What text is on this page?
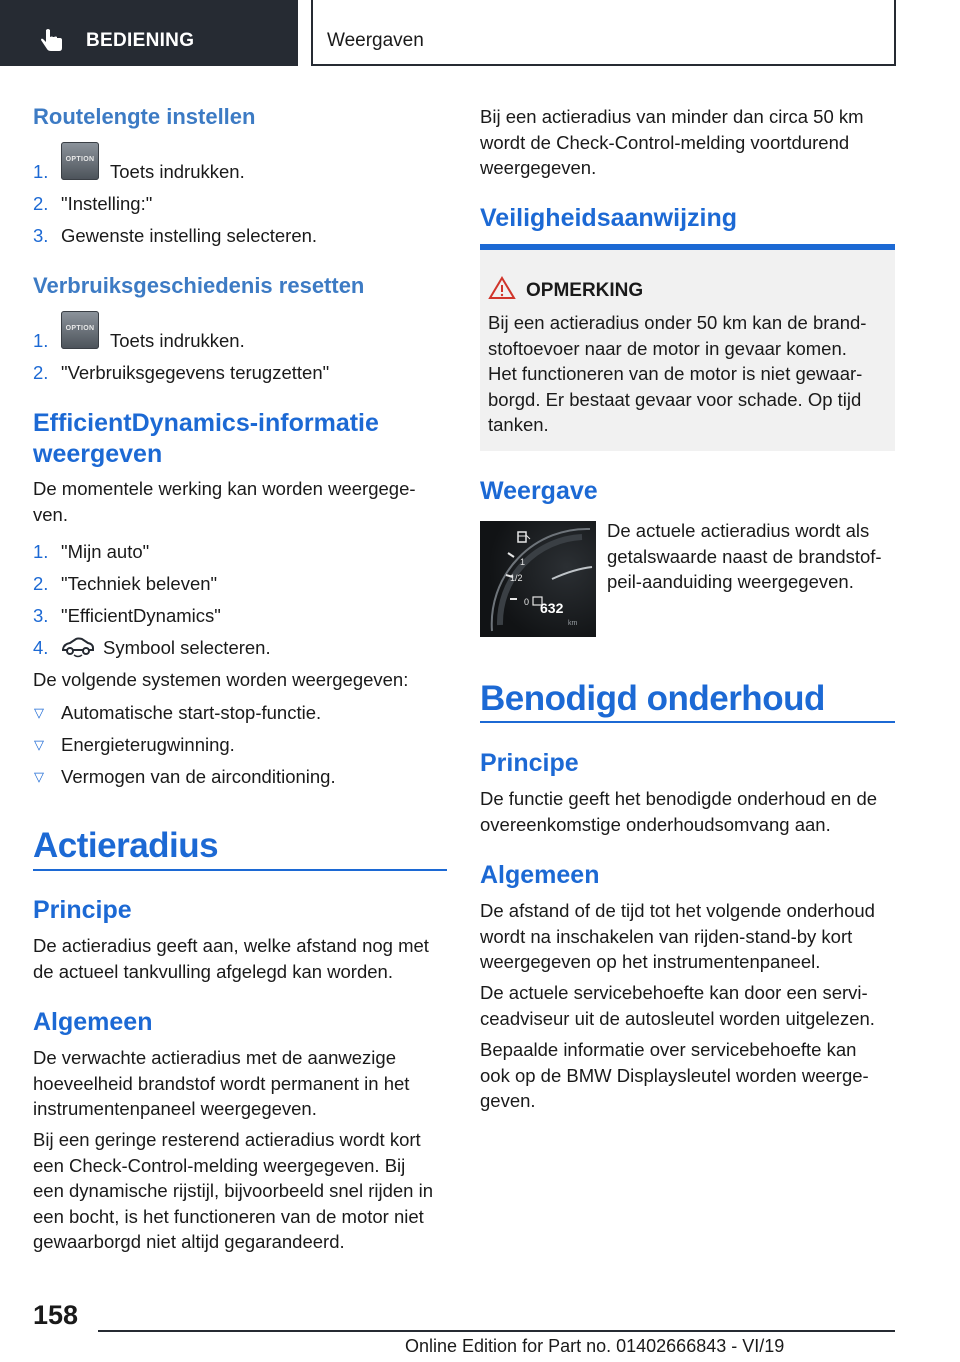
BEDIENING	Weergaven
Routelengte instellen
1.
OPTION
Toets indrukken.
2. "Instelling:"
3. Gewenste instelling selecteren.
Verbruiksgeschiedenis resetten
1.
OPTION
Toets indrukken.
2. "Verbruiksgegevens terugzetten"
EfficientDynamics-informatie
weergeven
De momentele werking kan worden weergege-
ven.
1. "Mijn auto"
2. "Techniek beleven"
3. "EfficientDynamics"
4.	Symbool selecteren.
De volgende systemen worden weergegeven:
▽ Automatische start-stop-functie.
▽ Energieterugwinning.
▽ Vermogen van de airconditioning.
Actieradius
Principe
De actieradius geeft aan, welke afstand nog met
de actueel tankvulling afgelegd kan worden.
Algemeen
De verwachte actieradius met de aanwezige
hoeveelheid brandstof wordt permanent in het
instrumentenpaneel weergegeven.
Bij een geringe resterend actieradius wordt kort
een Check-Control-melding weergegeven. Bij
een dynamische rijstijl, bijvoorbeeld snel rijden in
een bocht, is het functioneren van de motor niet
gewaarborgd niet altijd gegarandeerd.
Bij een actieradius van minder dan circa 50 km
wordt de Check-Control-melding voortdurend
weergegeven.
Veiligheidsaanwijzing
OPMERKING
Bij een actieradius onder 50 km kan de brand-
stoftoevoer naar de motor in gevaar komen.
Het functioneren van de motor is niet gewaar-
borgd. Er bestaat gevaar voor schade. Op tijd
tanken.
Weergave
1
1/2
0 632
km
De actuele actieradius wordt als
getalswaarde naast de brandstof-
peil-aanduiding weergegeven.
Benodigd onderhoud
Principe
De functie geeft het benodigde onderhoud en de
overeenkomstige onderhoudsomvang aan.
Algemeen
De afstand of de tijd tot het volgende onderhoud
wordt na inschakelen van rijden-stand-by kort
weergegeven op het instrumentenpaneel.
De actuele servicebehoefte kan door een servi-
ceadviseur uit de autosleutel worden uitgelezen.
Bepaalde informatie over servicebehoefte kan
ook op de BMW Displaysleutel worden weerge-
geven.
158
Online Edition for Part no. 01402666843 - VI/19
